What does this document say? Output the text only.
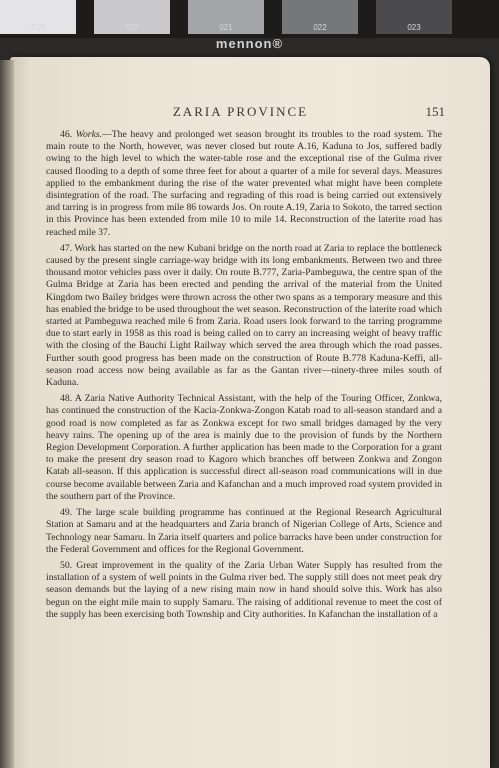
019	020	021	022	023
mennon®
ZARIA PROVINCE	151

46. Works.—The heavy and prolonged wet season brought its troubles to the road system. The main route to the North, however, was never closed but route A.16, Kaduna to Jos, suffered badly owing to the high level to which the water-table rose and the exceptional rise of the Gulma river caused flooding to a depth of some three feet for about a quarter of a mile for several days. Measures applied to the embankment during the rise of the water prevented what might have been complete disintegration of the road. The surfacing and regrading of this road is being carried out extensively and tarring is in progress from mile 86 towards Jos. On route A.19, Zaria to Sokoto, the tarred section in this Province has been extended from mile 10 to mile 14. Reconstruction of the laterite road has reached mile 37.

47. Work has started on the new Kubani bridge on the north road at Zaria to replace the bottleneck caused by the present single carriage-way bridge with its long embankments. Between two and three thousand motor vehicles pass over it daily. On route B.777, Zaria-Pambeguwa, the centre span of the Gulma Bridge at Zaria has been erected and pending the arrival of the material from the United Kingdom two Bailey bridges were thrown across the other two spans as a temporary measure and this has enabled the bridge to be used throughout the wet season. Reconstruction of the laterite road which started at Pambeguwa reached mile 6 from Zaria. Road users look forward to the tarring programme due to start early in 1958 as this road is being called on to carry an increasing weight of heavy traffic with the closing of the Bauchi Light Railway which served the area through which the road passes. Further south good progress has been made on the construction of Route B.778 Kaduna-Keffi, all-season road access now being available as far as the Gantan river—ninety-three miles south of Kaduna.

48. A Zaria Native Authority Technical Assistant, with the help of the Touring Officer, Zonkwa, has continued the construction of the Kacia-Zonkwa-Zongon Katab road to all-season standard and a good road is now completed as far as Zonkwa except for two small bridges damaged by the very heavy rains. The opening up of the area is mainly due to the provision of funds by the Northern Region Development Corporation. A further application has been made to the Corporation for a grant to make the present dry season road to Kagoro which branches off between Zonkwa and Zongon Katab all-season. If this application is successful direct all-season road communications will in due course become available between Zaria and Kafanchan and a much improved road system provided in the southern part of the Province.

49. The large scale building programme has continued at the Regional Research Agricultural Station at Samaru and at the headquarters and Zaria branch of Nigerian College of Arts, Science and Technology near Samaru. In Zaria itself quarters and police barracks have been under construction for the Federal Government and offices for the Regional Government.

50. Great improvement in the quality of the Zaria Urban Water Supply has resulted from the installation of a system of well points in the Gulma river bed. The supply still does not meet peak dry season demands but the laying of a new rising main now in hand should solve this. Work has also begun on the eight mile main to supply Samaru. The raising of additional revenue to meet the cost of the supply has been exercising both Township and City authorities. In Kafanchan the installation of a
